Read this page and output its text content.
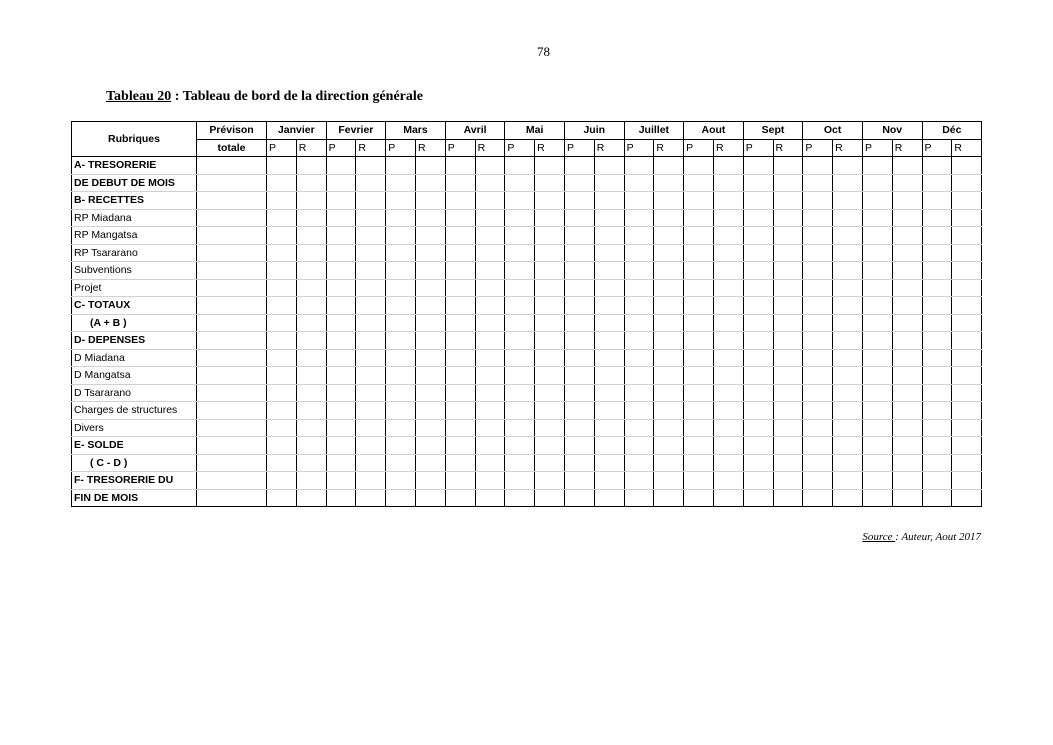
78
Tableau 20 : Tableau de bord de la direction générale
Rubriques	Prévison	Janvier		Fevrier		Mars		Avril		Mai		Juin		Juillet		Aout		Sept		Oct		Nov		Déc	
	totale	P	R	P	R	P	R	P	R	P	R	P	R	P	R	P	R	P	R	P	R	P	R	P	R
A- TRESORERIE																									
DE DEBUT DE MOIS																									
B- RECETTES																									
RP Miadana																									
RP Mangatsa																									
RP Tsararano																									
Subventions																									
Projet																									
C- TOTAUX																									
(A + B )																									
D- DEPENSES																									
D Miadana																									
D Mangatsa																									
D Tsararano																									
Charges de structures																									
Divers																									
E- SOLDE																									
( C - D )																									
F- TRESORERIE DU																									
FIN DE MOIS																									
Source : Auteur, Aout 2017
